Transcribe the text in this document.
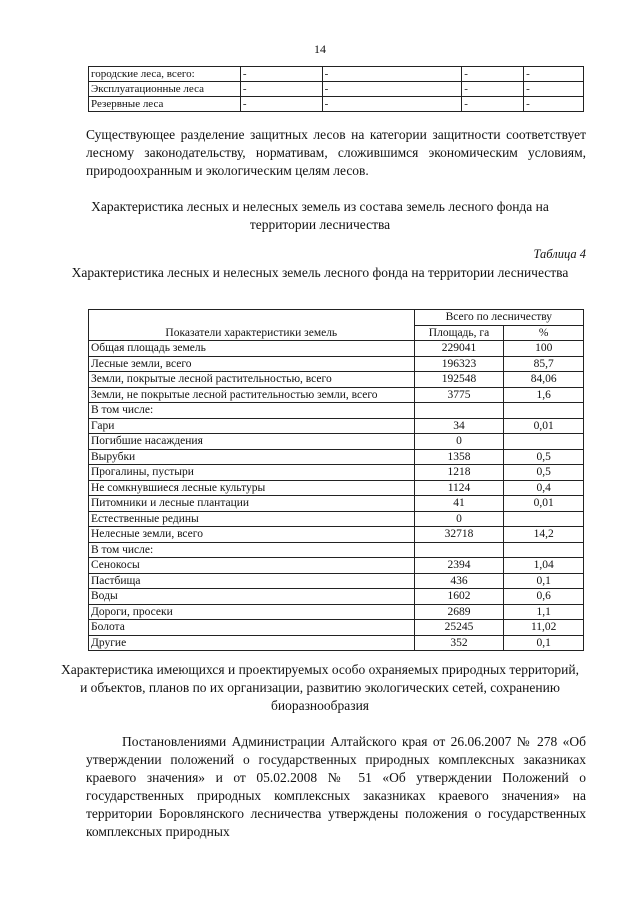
14
городские леса, всего:	-	-	-	-
Эксплуатационные леса	-	-	-	-
Резервные леса	-	-	-	-
Существующее разделение защитных лесов на категории защитности соответствует лесному законодательству, нормативам, сложившимся экономическим условиям, природоохранным и экологическим целям лесов.
Характеристика лесных и нелесных земель из состава земель лесного фонда на территории лесничества
Таблица 4
Характеристика лесных и нелесных земель лесного фонда на территории лесничества
Показатели характеристики земель	Всего по лесничеству	
	Площадь, га	%
Общая площадь земель	229041	100
Лесные земли, всего	196323	85,7
Земли, покрытые лесной растительностью, всего	192548	84,06
Земли, не покрытые лесной растительностью земли, всего	3775	1,6
В том числе:		
Гари	34	0,01
Погибшие насаждения	0	
Вырубки	1358	0,5
Прогалины, пустыри	1218	0,5
Не сомкнувшиеся лесные культуры	1124	0,4
Питомники и лесные плантации	41	0,01
Естественные редины	0	
Нелесные земли, всего	32718	14,2
В том числе:		
Сенокосы	2394	1,04
Пастбища	436	0,1
Воды	1602	0,6
Дороги, просеки	2689	1,1
Болота	25245	11,02
Другие	352	0,1
Характеристика имеющихся и проектируемых особо охраняемых природных территорий, и объектов, планов по их организации, развитию экологических сетей, сохранению биоразнообразия
Постановлениями Администрации Алтайского края от 26.06.2007 № 278 «Об утверждении положений о государственных природных комплексных заказниках краевого значения» и от 05.02.2008 № 51 «Об утверждении Положений о государственных природных комплексных заказниках краевого значения» на территории Боровлянского лесничества утверждены положения о государственных комплексных природных
